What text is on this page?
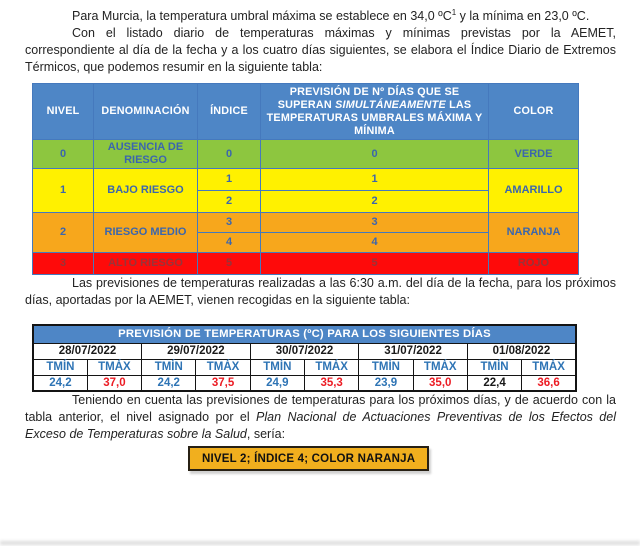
Para Murcia, la temperatura umbral máxima se establece en 34,0 ºC$^1$ y la mínima en 23,0 ºC.

Con el listado diario de temperaturas máximas y mínimas previstas por la AEMET, correspondiente al día de la fecha y a los cuatro días siguientes, se elabora el Índice Diario de Extremos Térmicos, que podemos resumir en la siguiente tabla:

NIVEL	DENOMINACIÓN	ÍNDICE	PREVISIÓN DE Nº DÍAS QUE SE SUPERAN SIMULTÁNEAMENTE LAS TEMPERATURAS UMBRALES MÁXIMA Y MÍNIMA	COLOR
0	AUSENCIA DE RIESGO	0	0	VERDE
1	BAJO RIESGO	1	1	AMARILLO
		2	2	
2	RIESGO MEDIO	3	3	NARANJA
		4	4	
3	ALTO RIESGO	5	5	ROJO

Las previsiones de temperaturas realizadas a las 6:30 a.m. del día de la fecha, para los próximos días, aportadas por la AEMET, vienen recogidas en la siguiente tabla:

PREVISIÓN DE TEMPERATURAS (ºC) PARA LOS SIGUIENTES DÍAS									
28/07/2022		29/07/2022		30/07/2022		31/07/2022		01/08/2022	
TMÍN	TMÁX	TMÍN	TMÁX	TMÍN	TMÁX	TMÍN	TMÁX	TMÍN	TMÁX
24,2	37,0	24,2	37,5	24,9	35,3	23,9	35,0	22,4	36,6

Teniendo en cuenta las previsiones de temperaturas para los próximos días, y de acuerdo con la tabla anterior, el nivel asignado por el Plan Nacional de Actuaciones Preventivas de los Efectos del Exceso de Temperaturas sobre la Salud, sería:

NIVEL 2; ÍNDICE 4; COLOR NARANJA
